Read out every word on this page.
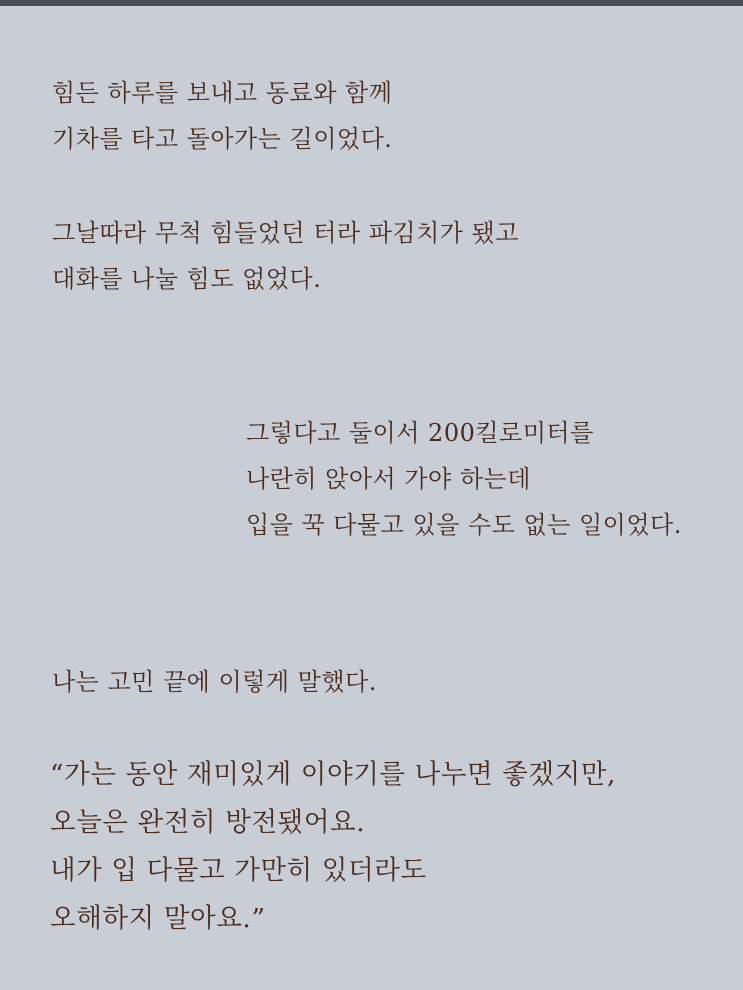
힘든 하루를 보내고 동료와 함께
기차를 타고 돌아가는 길이었다.

그날따라 무척 힘들었던 터라 파김치가 됐고
대화를 나눌 힘도 없었다.

그렇다고 둘이서 200킬로미터를
나란히 앉아서 가야 하는데
입을 꾹 다물고 있을 수도 없는 일이었다.

나는 고민 끝에 이렇게 말했다.

“가는 동안 재미있게 이야기를 나누면 좋겠지만,
오늘은 완전히 방전됐어요.
내가 입 다물고 가만히 있더라도
오해하지 말아요.”
